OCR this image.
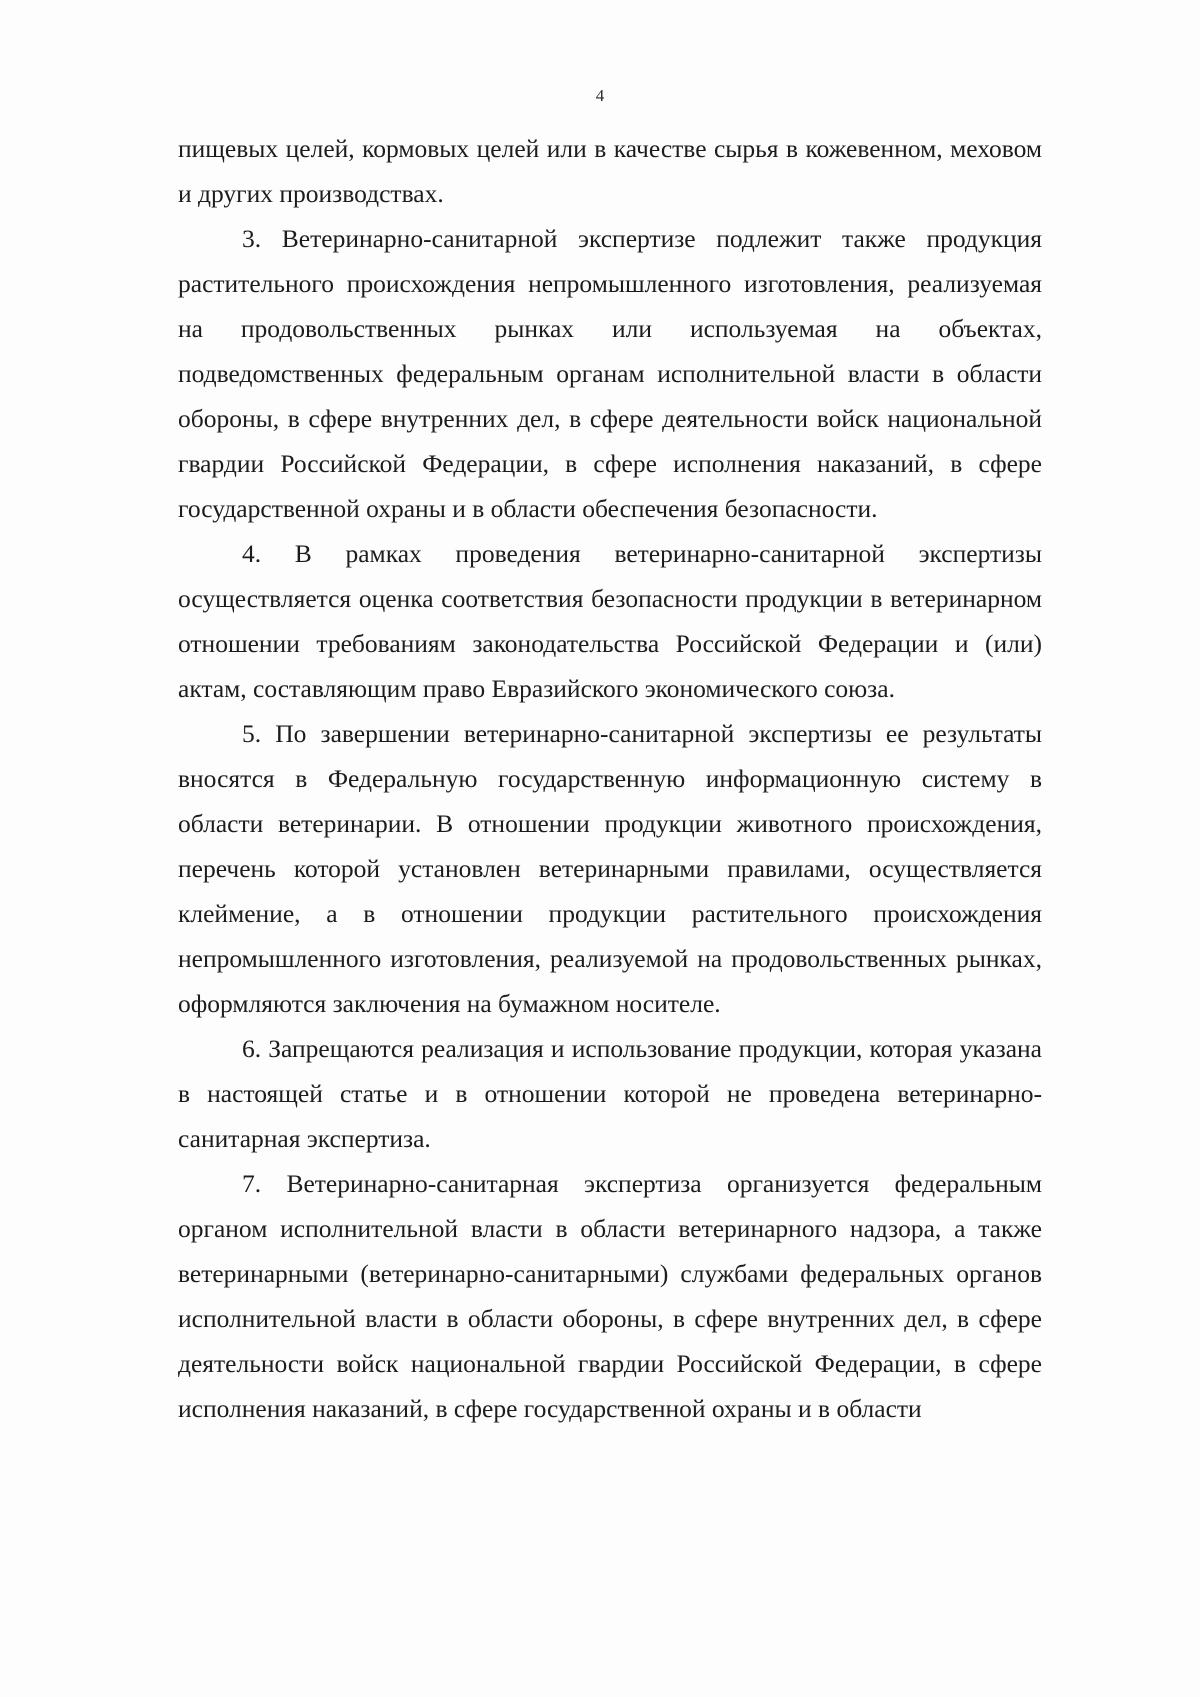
4

пищевых целей, кормовых целей или в качестве сырья в кожевенном, меховом и других производствах.

3. Ветеринарно-санитарной экспертизе подлежит также продукция растительного происхождения непромышленного изготовления, реализуемая на продовольственных рынках или используемая на объектах, подведомственных федеральным органам исполнительной власти в области обороны, в сфере внутренних дел, в сфере деятельности войск национальной гвардии Российской Федерации, в сфере исполнения наказаний, в сфере государственной охраны и в области обеспечения безопасности.

4. В рамках проведения ветеринарно-санитарной экспертизы осуществляется оценка соответствия безопасности продукции в ветеринарном отношении требованиям законодательства Российской Федерации и (или) актам, составляющим право Евразийского экономического союза.

5. По завершении ветеринарно-санитарной экспертизы ее результаты вносятся в Федеральную государственную информационную систему в области ветеринарии. В отношении продукции животного происхождения, перечень которой установлен ветеринарными правилами, осуществляется клеймение, а в отношении продукции растительного происхождения непромышленного изготовления, реализуемой на продовольственных рынках, оформляются заключения на бумажном носителе.

6. Запрещаются реализация и использование продукции, которая указана в настоящей статье и в отношении которой не проведена ветеринарно-санитарная экспертиза.

7. Ветеринарно-санитарная экспертиза организуется федеральным органом исполнительной власти в области ветеринарного надзора, а также ветеринарными (ветеринарно-санитарными) службами федеральных органов исполнительной власти в области обороны, в сфере внутренних дел, в сфере деятельности войск национальной гвардии Российской Федерации, в сфере исполнения наказаний, в сфере государственной охраны и в области
